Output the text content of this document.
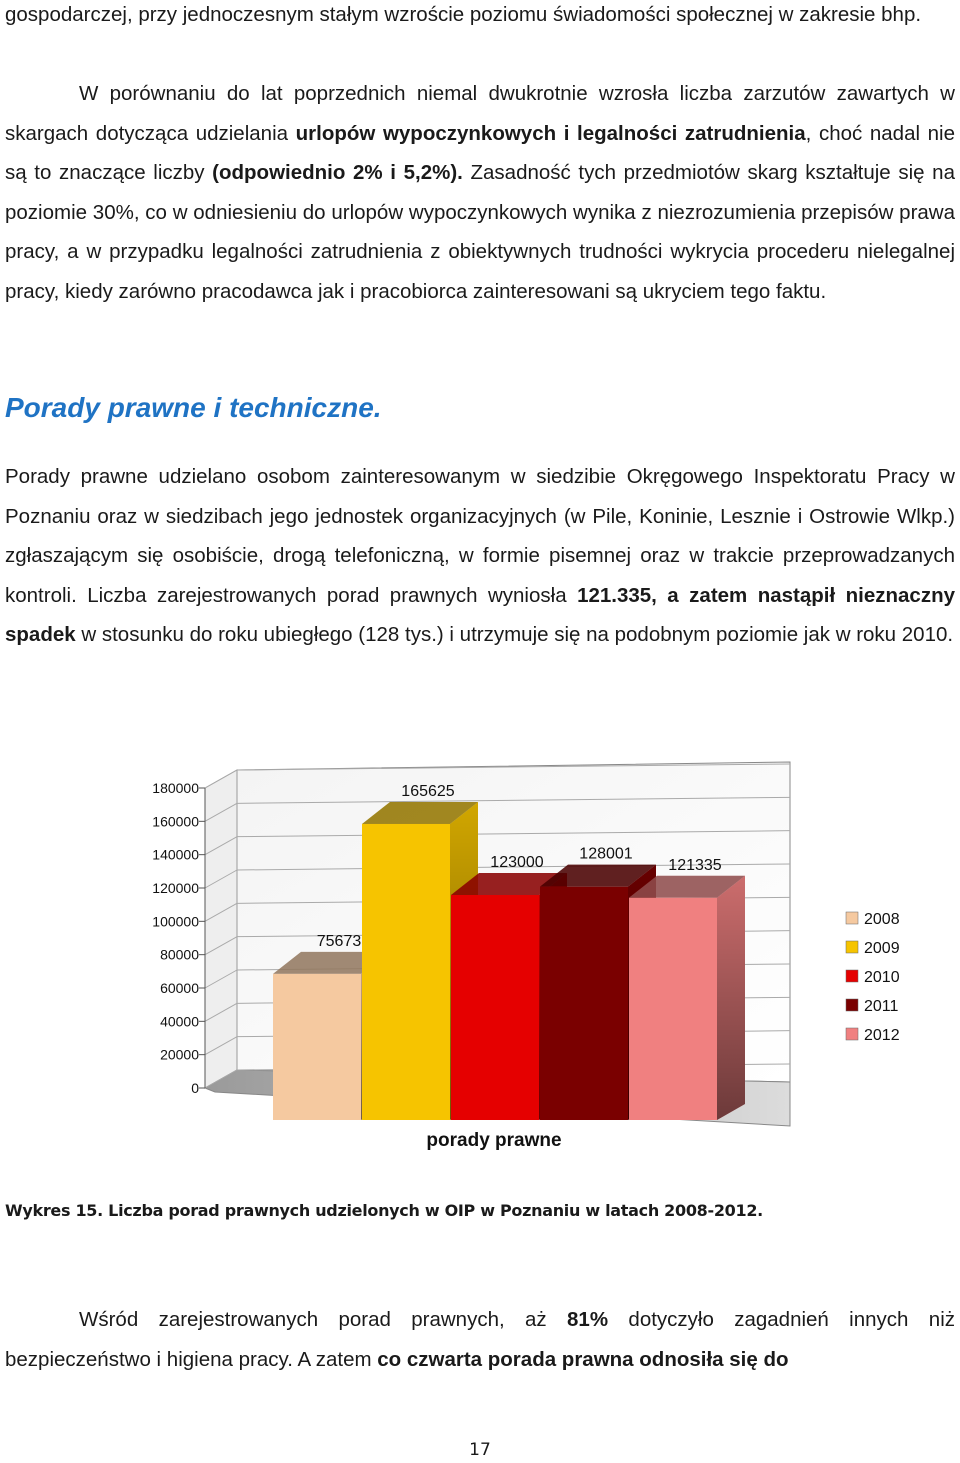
gospodarczej, przy jednoczesnym stałym wzroście poziomu świadomości społecznej w zakresie bhp.

W porównaniu do lat poprzednich niemal dwukrotnie wzrosła liczba zarzutów zawartych w skargach dotycząca udzielania urlopów wypoczynkowych i legalności zatrudnienia, choć nadal nie są to znaczące liczby (odpowiednio 2% i 5,2%). Zasadność tych przedmiotów skarg kształtuje się na poziomie 30%, co w odniesieniu do urlopów wypoczynkowych wynika z niezrozumienia przepisów prawa pracy, a w przypadku legalności zatrudnienia z obiektywnych trudności wykrycia procederu nielegalnej pracy, kiedy zarówno pracodawca jak i pracobiorca zainteresowani są ukryciem tego faktu.

Porady prawne i techniczne.

Porady prawne udzielano osobom zainteresowanym w siedzibie Okręgowego Inspektoratu Pracy w Poznaniu oraz w siedzibach jego jednostek organizacyjnych (w Pile, Koninie, Lesznie i Ostrowie Wlkp.) zgłaszającym się osobiście, drogą telefoniczną, w formie pisemnej oraz w trakcie przeprowadzanych kontroli. Liczba zarejestrowanych porad prawnych wyniosła 121.335, a zatem nastąpił nieznaczny spadek w stosunku do roku ubiegłego (128 tys.) i utrzymuje się na podobnym poziomie jak w roku 2010.

0
20000
40000
60000
80000
100000
120000
140000
160000
180000
75673
165625
123000 128001
121335
2008
2009
2010
2011
2012
porady prawne

Wykres 15. Liczba porad prawnych udzielonych w OIP w Poznaniu w latach 2008-2012.

Wśród zarejestrowanych porad prawnych, aż 81% dotyczyło zagadnień innych niż bezpieczeństwo i higiena pracy. A zatem co czwarta porada prawna odnosiła się do

17
